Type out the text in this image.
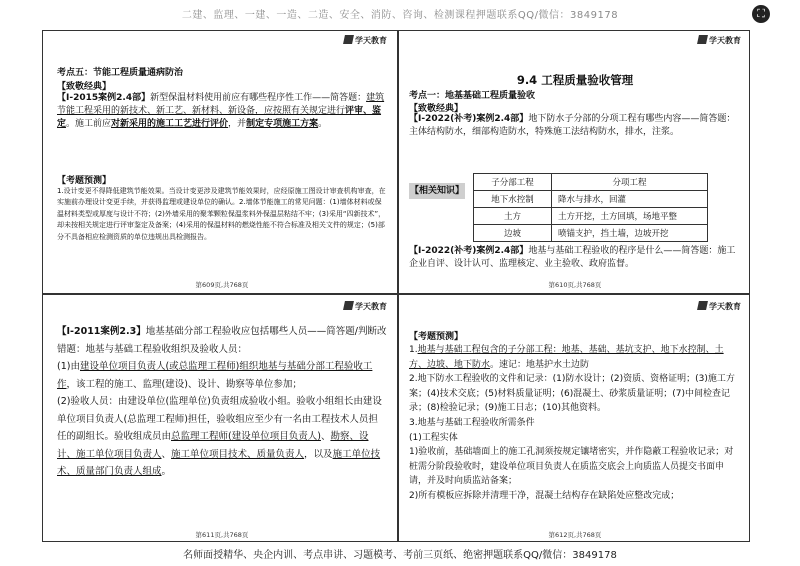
二建、监理、一建、一造、二造、安全、消防、咨询、检测课程押题联系QQ/微信：3849178	⛶
学天教育
考点五：节能工程质量通病防治
【致敬经典】
【Ⅰ-2015案例2.4部】新型保温材料使用前应有哪些程序性工作——简答题：建筑节能工程采用的新技术、新工艺、新材料、新设备，应按照有关规定进行评审、鉴定。施工前应对新采用的施工工艺进行评价，并制定专项施工方案。
【考题预测】
1.设计变更不得降低建筑节能效果。当设计变更涉及建筑节能效果时，应经原施工图设计审查机构审查，在实施前办理设计变更手续，并获得监理或建设单位的确认。2.墙体节能施工的常见问题：(1)墙体材料或保温材料类型或厚度与设计不符；(2)外墙采用的聚苯颗粒保温浆料外保温层粘结不牢；(3)采用“四新技术”，却未按相关规定进行评审鉴定及备案；(4)采用的保温材料的燃烧性能不符合标准及相关文件的规定；(5)部分不具备相应检测资质的单位违规出具检测报告。
第609页,共768页
学天教育
9.4 工程质量验收管理
考点一：地基基础工程质量验收
【致敬经典】
【Ⅰ-2022(补考)案例2.4部】地下防水子分部的分项工程有哪些内容——简答题：主体结构防水，细部构造防水，特殊施工法结构防水，排水，注浆。
【相关知识】
子分部工程	分项工程
地下水控制	降水与排水，回灌
土方	土方开挖，土方回填，场地平整
边坡	喷锚支护，挡土墙，边坡开挖
【Ⅰ-2022(补考)案例2.4部】地基与基础工程验收的程序是什么——简答题：施工企业自评、设计认可、监理核定、业主验收、政府监督。
第610页,共768页
学天教育
【Ⅰ-2011案例2.3】地基基础分部工程验收应包括哪些人员——简答题/判断改错题：地基与基础工程验收组织及验收人员：
(1)由建设单位项目负责人(或总监理工程师)组织地基与基础分部工程验收工作，该工程的施工、监理(建设)、设计、勘察等单位参加；
(2)验收人员：由建设单位(监理单位)负责组成验收小组。验收小组组长由建设单位项目负责人(总监理工程师)担任，验收组应至少有一名由工程技术人员担任的副组长。验收组成员由总监理工程师(建设单位项目负责人)、勘察、设计、施工单位项目负责人、施工单位项目技术、质量负责人，以及施工单位技术、质量部门负责人组成。
第611页,共768页
学天教育
【考题预测】
1.地基与基础工程包含的子分部工程：地基、基础、基坑支护、地下水控制、土方、边坡、地下防水。速记：地基护水土边防
2.地下防水工程验收的文件和记录：(1)防水设计；(2)资质、资格证明；(3)施工方案；(4)技术交底；(5)材料质量证明；(6)混凝土、砂浆质量证明；(7)中间检查记录；(8)检验记录；(9)施工日志；(10)其他资料。
3.地基与基础工程验收所需条件
(1)工程实体
1)验收前，基础墙面上的施工孔洞须按规定镶堵密实，并作隐蔽工程验收记录；对桩需分阶段验收时，建设单位项目负责人在质监交底会上向质监人员提交书面申请，并及时向质监站备案；
2)所有模板应拆除并清理干净，混凝土结构存在缺陷处应整改完成；
第612页,共768页
名师面授精华、央企内训、考点串讲、习题模考、考前三页纸、绝密押题联系QQ/微信：3849178
